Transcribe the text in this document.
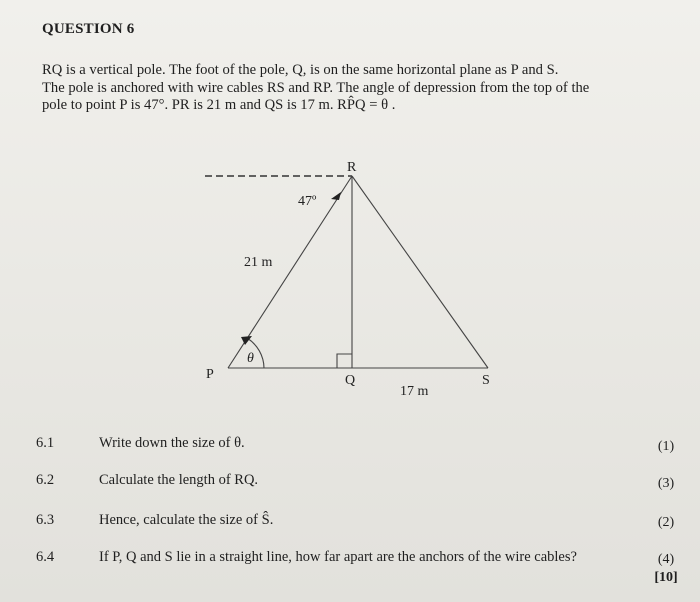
QUESTION 6

RQ is a vertical pole. The foot of the pole, Q, is on the same horizontal plane as P and S.

The pole is anchored with wire cables RS and RP. The angle of depression from the top of the

pole to point P is 47°. PR is 21 m and QS is 17 m. RP̂Q = θ .

R
P	Q	S
47º
θ
21 m
17 m
6.1	Write down the size of θ.	(1)
6.2	Calculate the length of RQ.	(3)
6.3	Hence, calculate the size of Ŝ.	(2)
6.4	If P, Q and S lie in a straight line, how far apart are the anchors of the wire cables?	(4)
[10]
